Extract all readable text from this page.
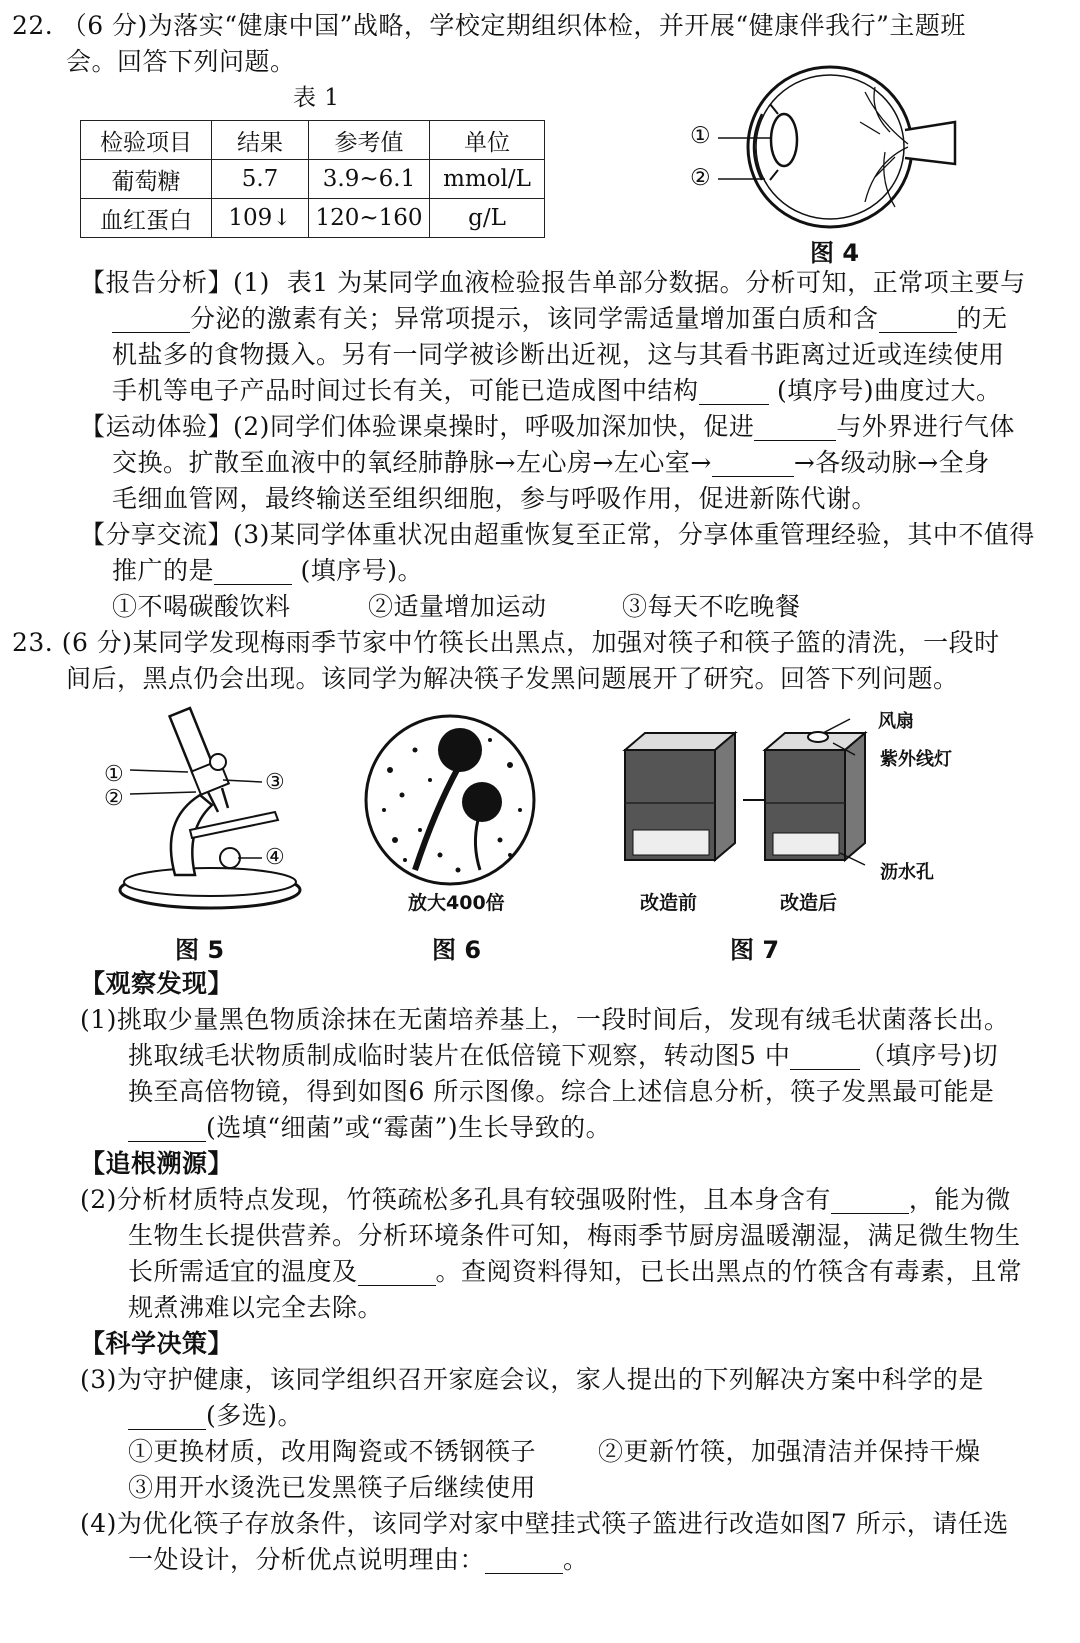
22. （6 分)为落实“健康中国”战略，学校定期组织体检，并开展“健康伴我行”主题班
会。回答下列问题。
表 1
检验项目	结果	参考值	单位
葡萄糖	5.7	3.9~6.1	mmol/L
血红蛋白	109↓	120~160	g/L
①
②
图 4
【报告分析】(1)  表1 为某同学血液检验报告单部分数据。分析可知，正常项主要与
分泌的激素有关；异常项提示，该同学需适量增加蛋白质和含	的无
机盐多的食物摄入。另有一同学被诊断出近视，这与其看书距离过近或连续使用
手机等电子产品时间过长有关，可能已造成图中结构	(填序号)曲度过大。
【运动体验】(2)同学们体验课桌操时，呼吸加深加快，促进	与外界进行气体
交换。扩散至血液中的氧经肺静脉→左心房→左心室→	→各级动脉→全身
毛细血管网，最终输送至组织细胞，参与呼吸作用，促进新陈代谢。
【分享交流】(3)某同学体重状况由超重恢复至正常，分享体重管理经验，其中不值得
推广的是	(填序号)。
①不喝碳酸饮料	②适量增加运动	③每天不吃晚餐
23. (6 分)某同学发现梅雨季节家中竹筷长出黑点，加强对筷子和筷子篮的清洗，一段时
间后，黑点仍会出现。该同学为解决筷子发黑问题展开了研究。回答下列问题。
①
②
③
④
图 5
放大400倍
图 6
风扇
紫外线灯
沥水孔
改造前	改造后
图 7
【观察发现】
(1)挑取少量黑色物质涂抹在无菌培养基上，一段时间后，发现有绒毛状菌落长出。
挑取绒毛状物质制成临时装片在低倍镜下观察，转动图5 中	（填序号)切
换至高倍物镜，得到如图6 所示图像。综合上述信息分析，筷子发黑最可能是
(选填“细菌”或“霉菌”)生长导致的。
【追根溯源】
(2)分析材质特点发现，竹筷疏松多孔具有较强吸附性，且本身含有	，能为微
生物生长提供营养。分析环境条件可知，梅雨季节厨房温暖潮湿，满足微生物生
长所需适宜的温度及	。查阅资料得知，已长出黑点的竹筷含有毒素，且常
规煮沸难以完全去除。
【科学决策】
(3)为守护健康，该同学组织召开家庭会议，家人提出的下列解决方案中科学的是
(多选)。
①更换材质，改用陶瓷或不锈钢筷子 ②更新竹筷，加强清洁并保持干燥
③用开水烫洗已发黑筷子后继续使用
(4)为优化筷子存放条件，该同学对家中壁挂式筷子篮进行改造如图7 所示，请任选
一处设计，分析优点说明理由：	。
